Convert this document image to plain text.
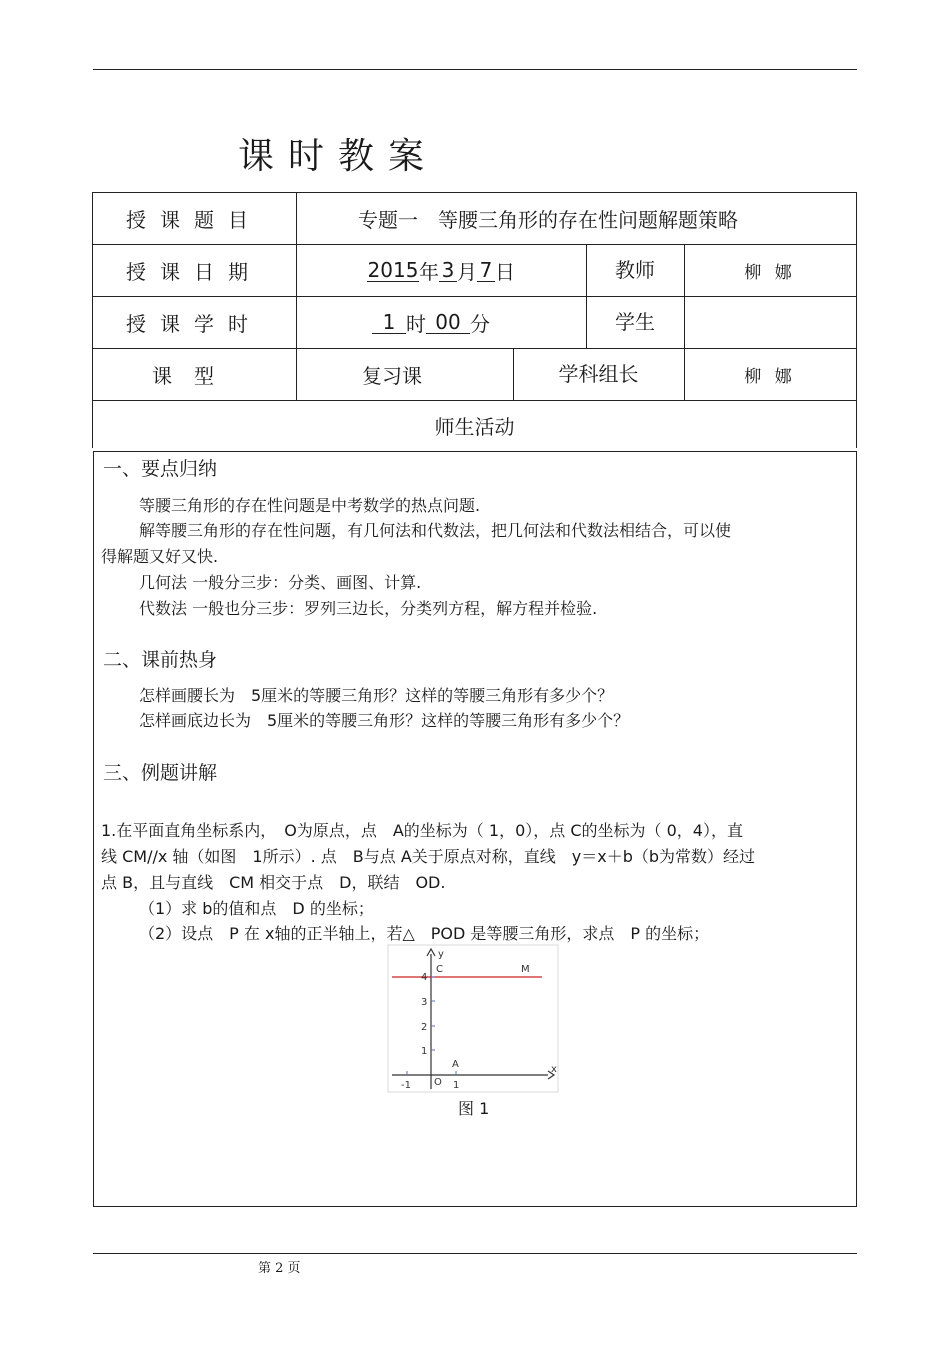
课时教案
授课题目	专题一　等腰三角形的存在性问题解题策略
授课日期	2015 年 3 月 7 日	教师	柳 娜
授课学时	1 时 00 分	学生
课型	复习课	学科组长	柳 娜
师生活动
一、要点归纳
等腰三角形的存在性问题是中考数学的热点问题.
解等腰三角形的存在性问题，有几何法和代数法，把几何法和代数法相结合，可以使
得解题又好又快.
几何法 一般分三步：分类、画图、计算.
代数法 一般也分三步：罗列三边长，分类列方程，解方程并检验.
二、课前热身
怎样画腰长为　5厘米的等腰三角形？这样的等腰三角形有多少个？
怎样画底边长为　5厘米的等腰三角形？这样的等腰三角形有多少个？
三、例题讲解
1.在平面直角坐标系内，　O为原点，点　A的坐标为（ 1，0），点 C的坐标为（ 0，4），直
线 CM//x 轴（如图　1所示）. 点　B与点 A关于原点对称，直线　y＝x＋b（b为常数）经过
点 B，且与直线　CM 相交于点　D，联结　OD.
（1）求 b的值和点　D 的坐标；
（2）设点　P 在 x轴的正半轴上，若△　POD 是等腰三角形，求点　P 的坐标；
y
x
C	M
A
O
4
3
2
1
-1	1
图 1
第 2 页
